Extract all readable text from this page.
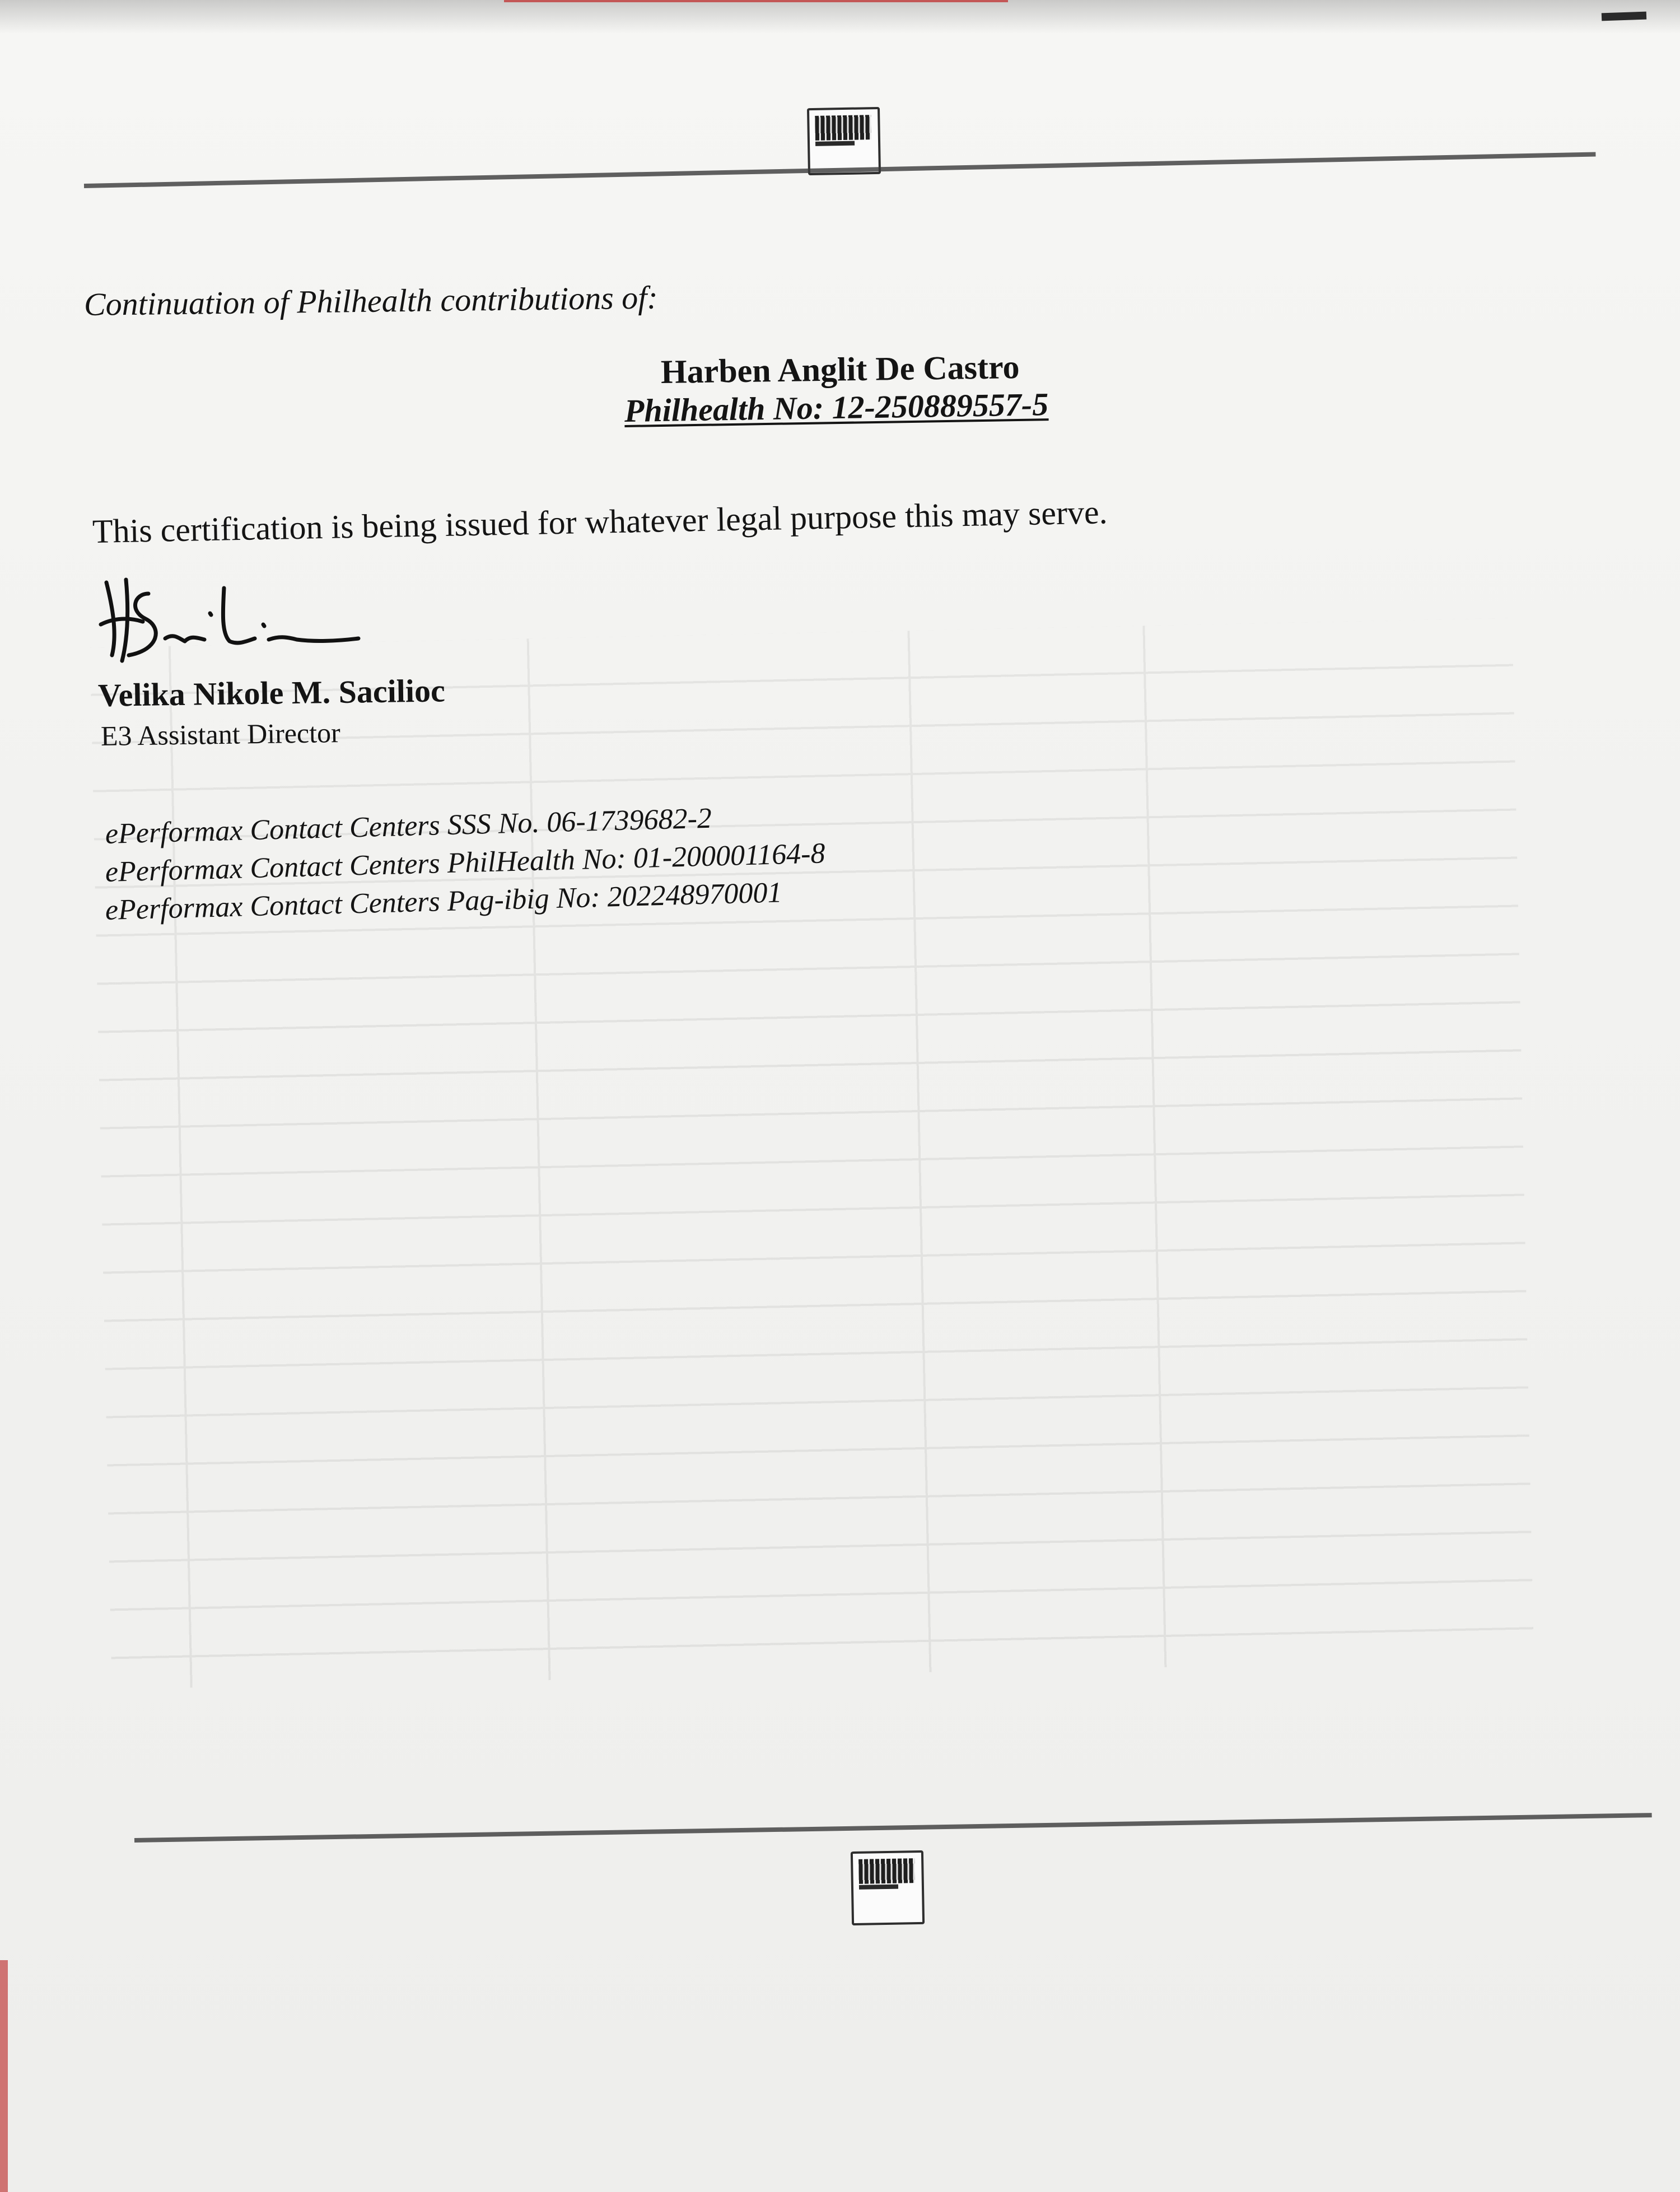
Continuation of Philhealth contributions of:
Harben Anglit De Castro
Philhealth No: 12-250889557-5
This certification is being issued for whatever legal purpose this may serve.
Velika Nikole M. Sacilioc
E3 Assistant Director
ePerformax Contact Centers SSS No. 06-1739682-2
ePerformax Contact Centers PhilHealth No: 01-200001164-8
ePerformax Contact Centers Pag-ibig No: 202248970001
